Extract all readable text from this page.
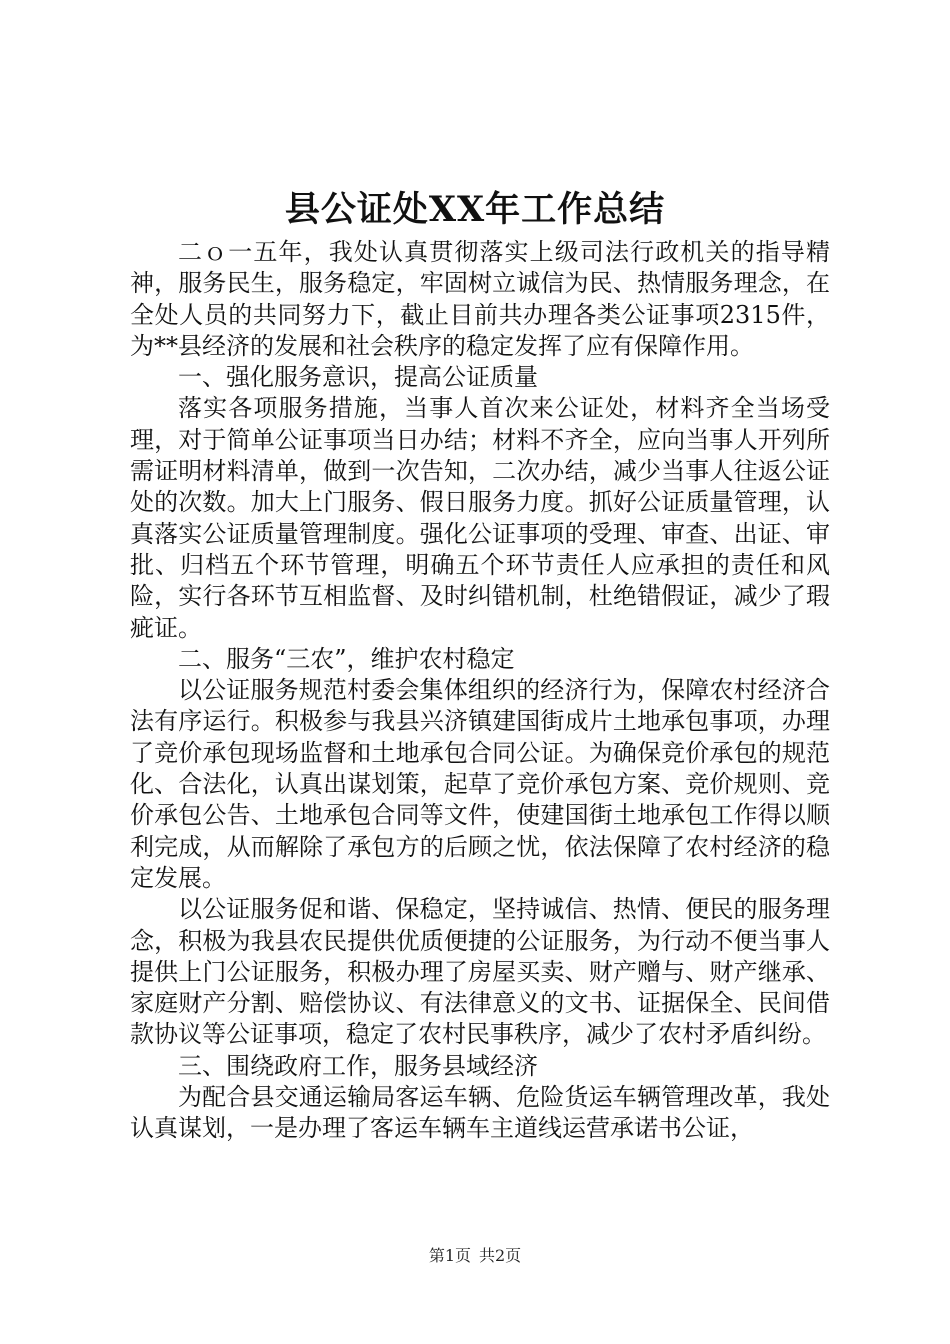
县公证处XX年工作总结

二ｏ一五年，我处认真贯彻落实上级司法行政机关的指导精神，服务民生，服务稳定，牢固树立诚信为民、热情服务理念，在全处人员的共同努力下，截止目前共办理各类公证事项2315件，为**县经济的发展和社会秩序的稳定发挥了应有保障作用。

一、强化服务意识，提高公证质量

落实各项服务措施，当事人首次来公证处，材料齐全当场受理，对于简单公证事项当日办结；材料不齐全，应向当事人开列所需证明材料清单，做到一次告知，二次办结，减少当事人往返公证处的次数。加大上门服务、假日服务力度。抓好公证质量管理，认真落实公证质量管理制度。强化公证事项的受理、审查、出证、审批、归档五个环节管理，明确五个环节责任人应承担的责任和风险，实行各环节互相监督、及时纠错机制，杜绝错假证，减少了瑕疵证。

二、服务“三农”，维护农村稳定

以公证服务规范村委会集体组织的经济行为，保障农村经济合法有序运行。积极参与我县兴济镇建国街成片土地承包事项，办理了竞价承包现场监督和土地承包合同公证。为确保竞价承包的规范化、合法化，认真出谋划策，起草了竞价承包方案、竞价规则、竞价承包公告、土地承包合同等文件，使建国街土地承包工作得以顺利完成，从而解除了承包方的后顾之忧，依法保障了农村经济的稳定发展。

以公证服务促和谐、保稳定，坚持诚信、热情、便民的服务理念，积极为我县农民提供优质便捷的公证服务，为行动不便当事人提供上门公证服务，积极办理了房屋买卖、财产赠与、财产继承、家庭财产分割、赔偿协议、有法律意义的文书、证据保全、民间借款协议等公证事项，稳定了农村民事秩序，减少了农村矛盾纠纷。

三、围绕政府工作，服务县域经济

为配合县交通运输局客运车辆、危险货运车辆管理改革，我处认真谋划，一是办理了客运车辆车主道线运营承诺书公证，

第1页 共2页
